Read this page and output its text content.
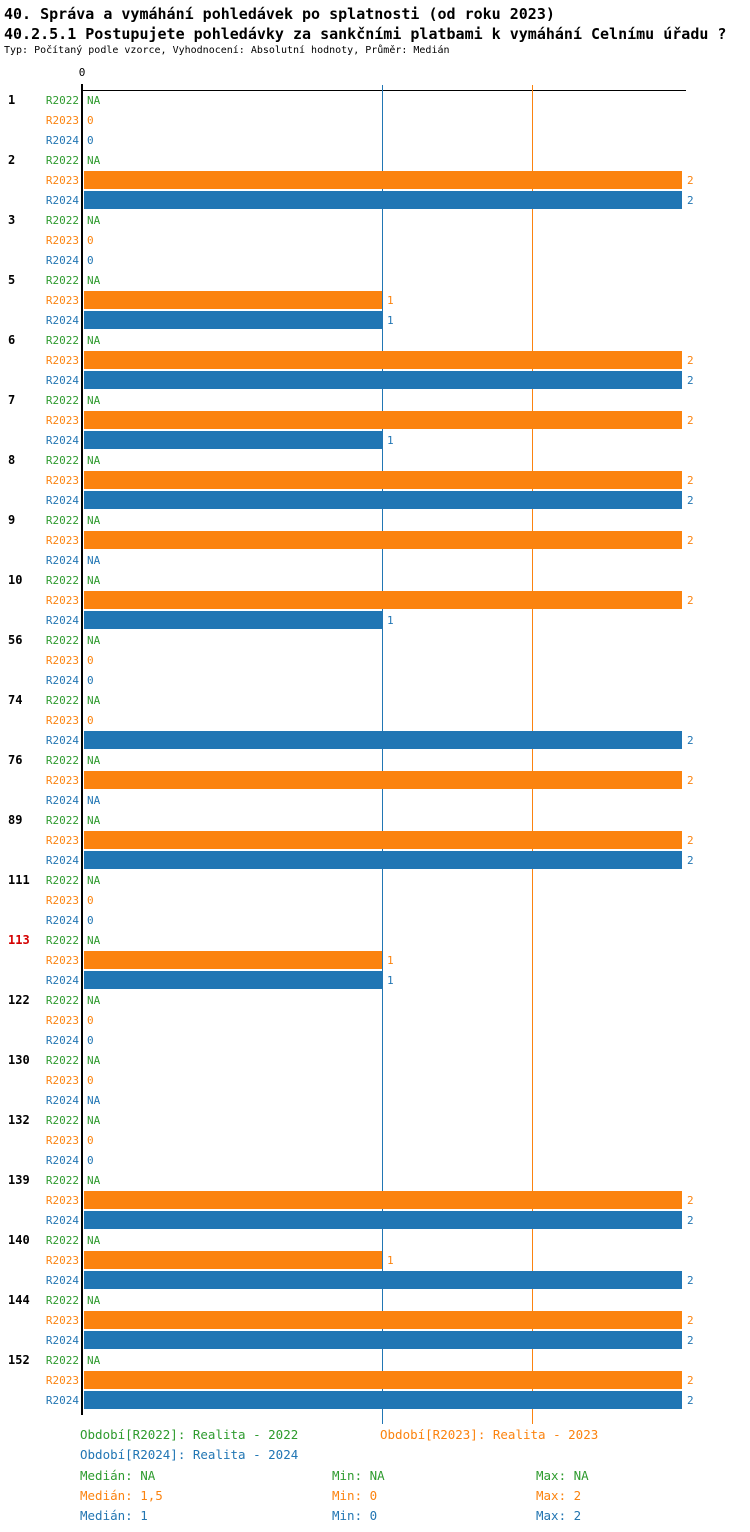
40. Správa a vymáhání pohledávek po splatnosti (od roku 2023)
40.2.5.1 Postupujete pohledávky za sankčními platbami k vymáhání Celnímu úřadu ?
Typ: Počítaný podle vzorce, Vyhodnocení: Absolutní hodnoty, Průměr: Medián
0
1	R2022 NA
R2023 0
R2024 0
2	R2022 NA
R2023	2
R2024	2
3	R2022 NA
R2023 0
R2024 0
5	R2022 NA
R2023	1
R2024	1
6	R2022 NA
R2023	2
R2024	2
7	R2022 NA
R2023	2
R2024	1
8	R2022 NA
R2023	2
R2024	2
9	R2022 NA
R2023	2
R2024 NA
10	R2022 NA
R2023	2
R2024	1
56	R2022 NA
R2023 0
R2024 0
74	R2022 NA
R2023 0
R2024	2
76	R2022 NA
R2023	2
R2024 NA
89	R2022 NA
R2023	2
R2024	2
111	R2022 NA
R2023 0
R2024 0
113	R2022 NA
R2023	1
R2024	1
122	R2022 NA
R2023 0
R2024 0
130	R2022 NA
R2023 0
R2024 NA
132	R2022 NA
R2023 0
R2024 0
139	R2022 NA
R2023	2
R2024	2
140	R2022 NA
R2023	1
R2024	2
144	R2022 NA
R2023	2
R2024	2
152	R2022 NA
R2023	2
R2024	2
Období[R2022]: Realita - 2022	Období[R2023]: Realita - 2023
Období[R2024]: Realita - 2024
Medián: NA	Min: NA	Max: NA
Medián: 1,5	Min: 0	Max: 2
Medián: 1	Min: 0	Max: 2
